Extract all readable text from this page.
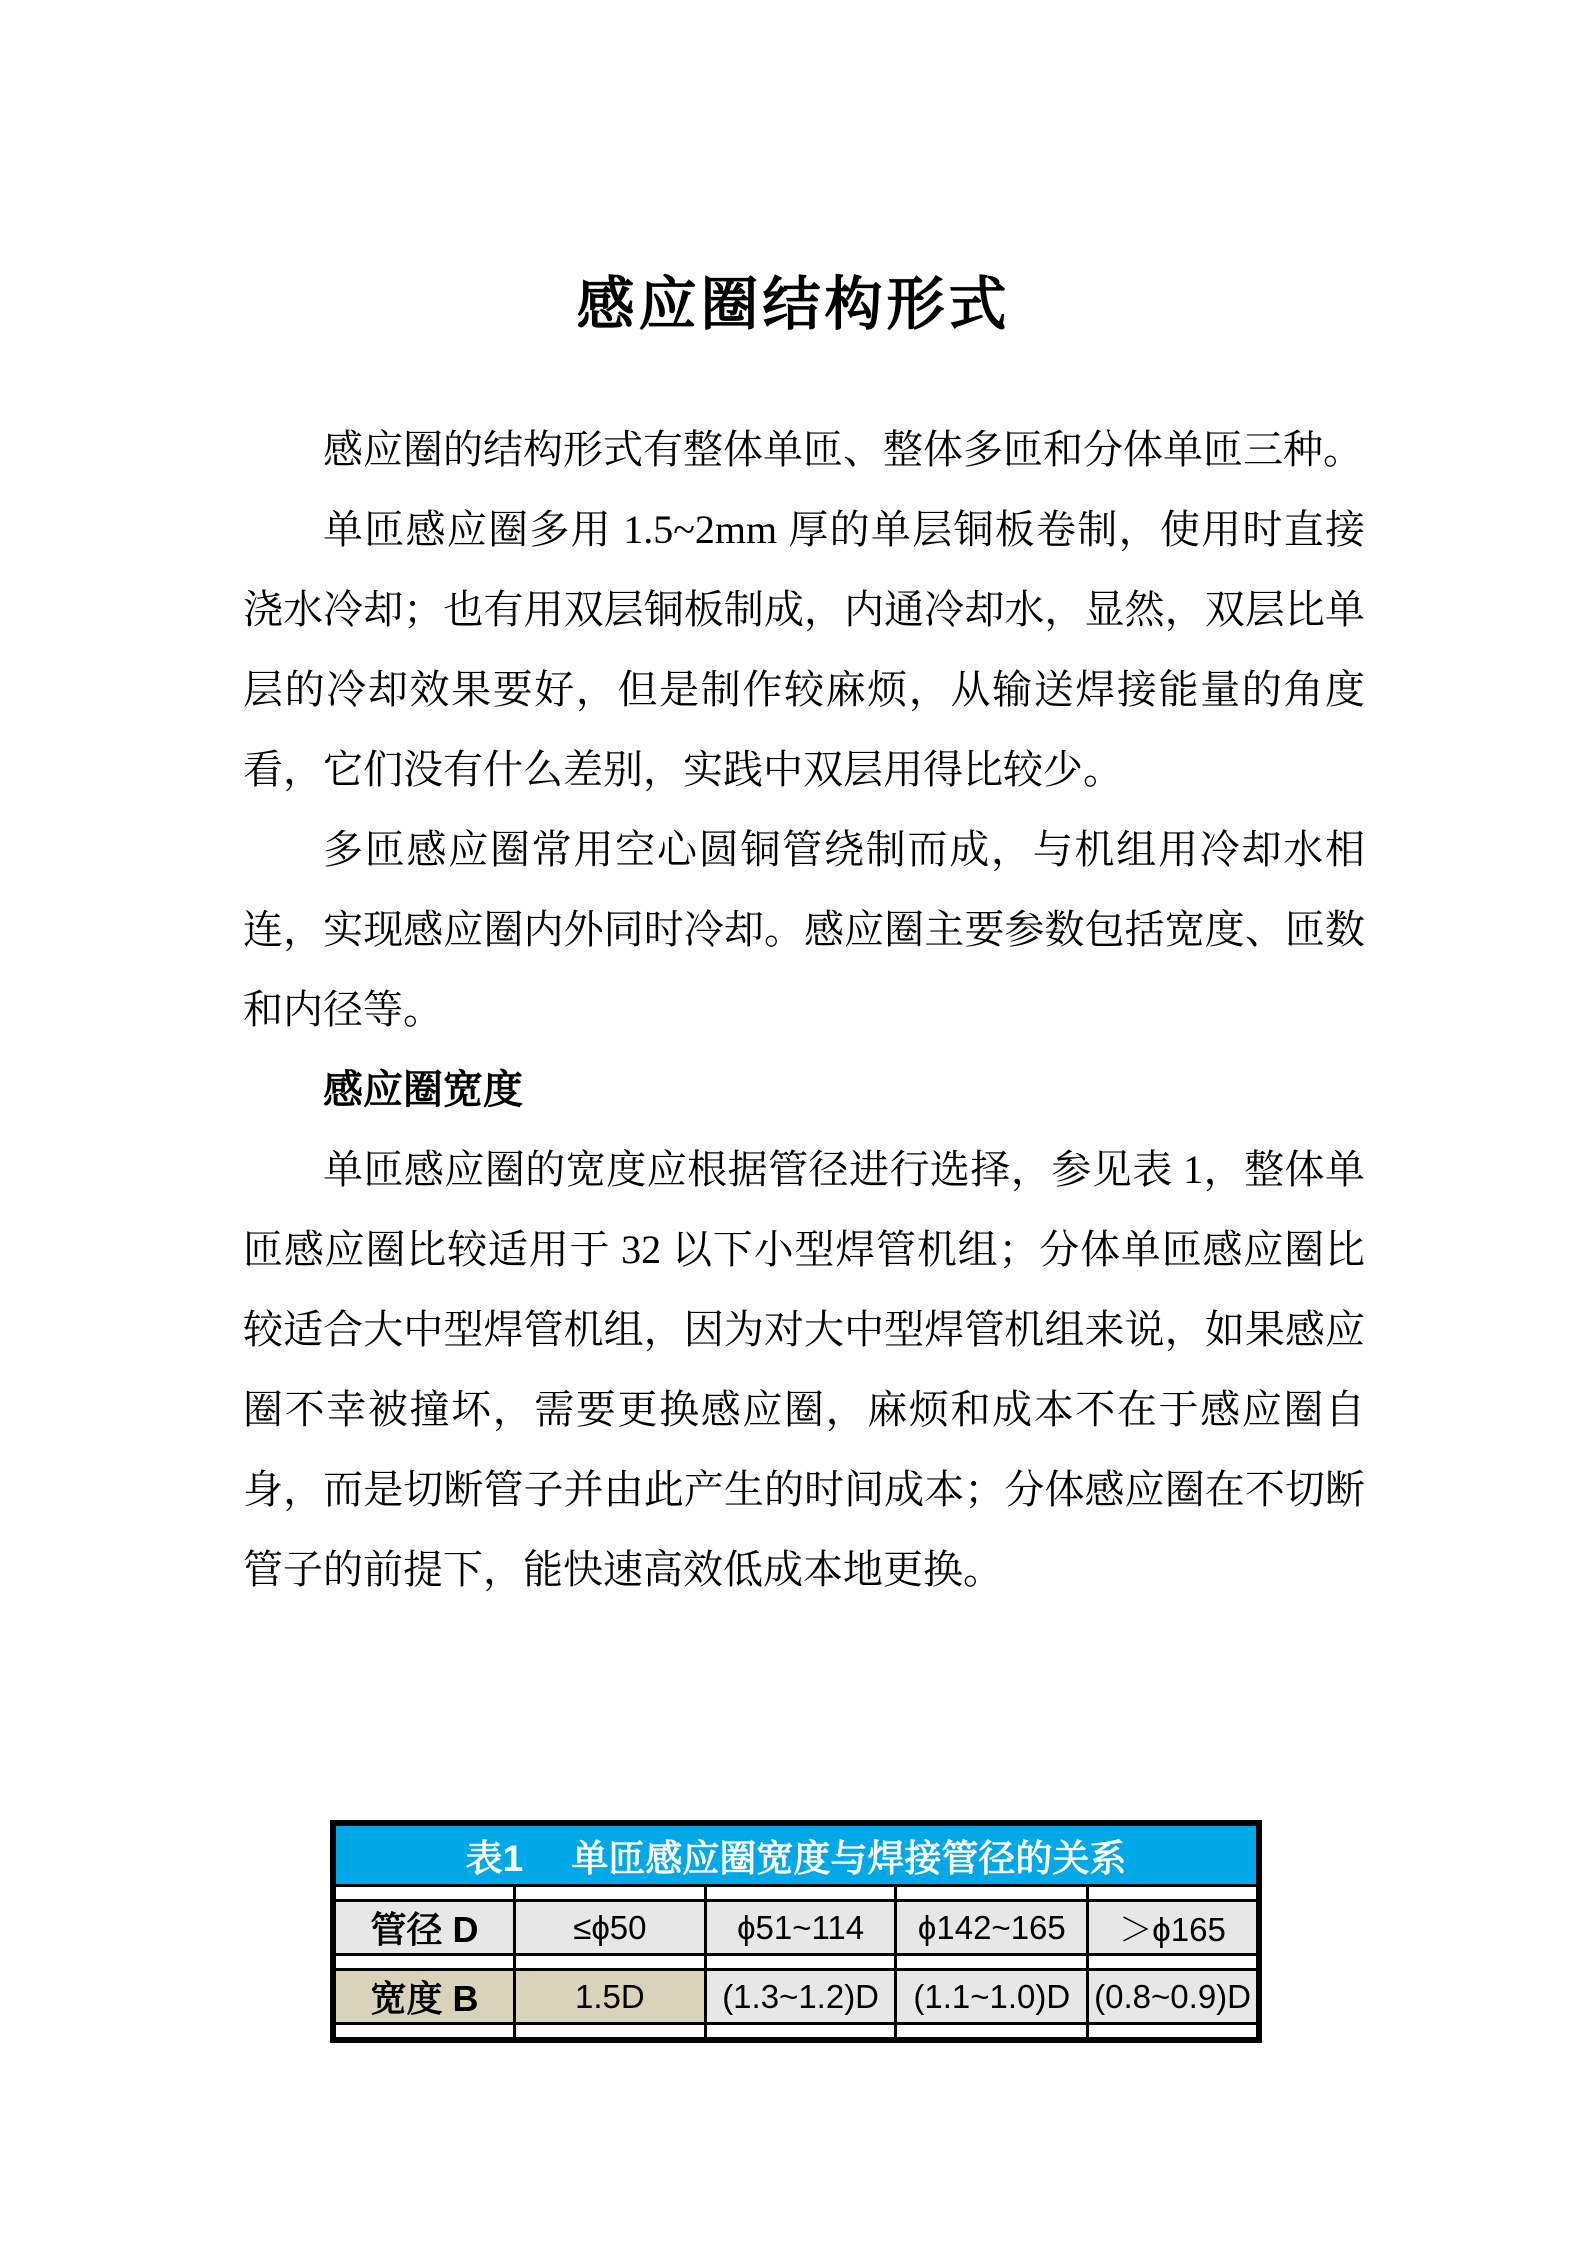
感应圈结构形式

感应圈的结构形式有整体单匝、整体多匝和分体单匝三种。

单匝感应圈多用 1.5~2mm 厚的单层铜板卷制，使用时直接浇水冷却；也有用双层铜板制成，内通冷却水，显然，双层比单层的冷却效果要好，但是制作较麻烦，从输送焊接能量的角度看，它们没有什么差别，实践中双层用得比较少。

多匝感应圈常用空心圆铜管绕制而成，与机组用冷却水相连，实现感应圈内外同时冷却。感应圈主要参数包括宽度、匝数和内径等。

感应圈宽度

单匝感应圈的宽度应根据管径进行选择，参见表 1，整体单匝感应圈比较适用于 32 以下小型焊管机组；分体单匝感应圈比较适合大中型焊管机组，因为对大中型焊管机组来说，如果感应圈不幸被撞坏，需要更换感应圈，麻烦和成本不在于感应圈自身，而是切断管子并由此产生的时间成本；分体感应圈在不切断管子的前提下，能快速高效低成本地更换。

表1 单匝感应圈宽度与焊接管径的关系				

管径 D	≤ϕ50	ϕ51~114	ϕ142~165	＞ϕ165

宽度 B	1.5D	(1.3~1.2)D	(1.1~1.0)D	(0.8~0.9)D
